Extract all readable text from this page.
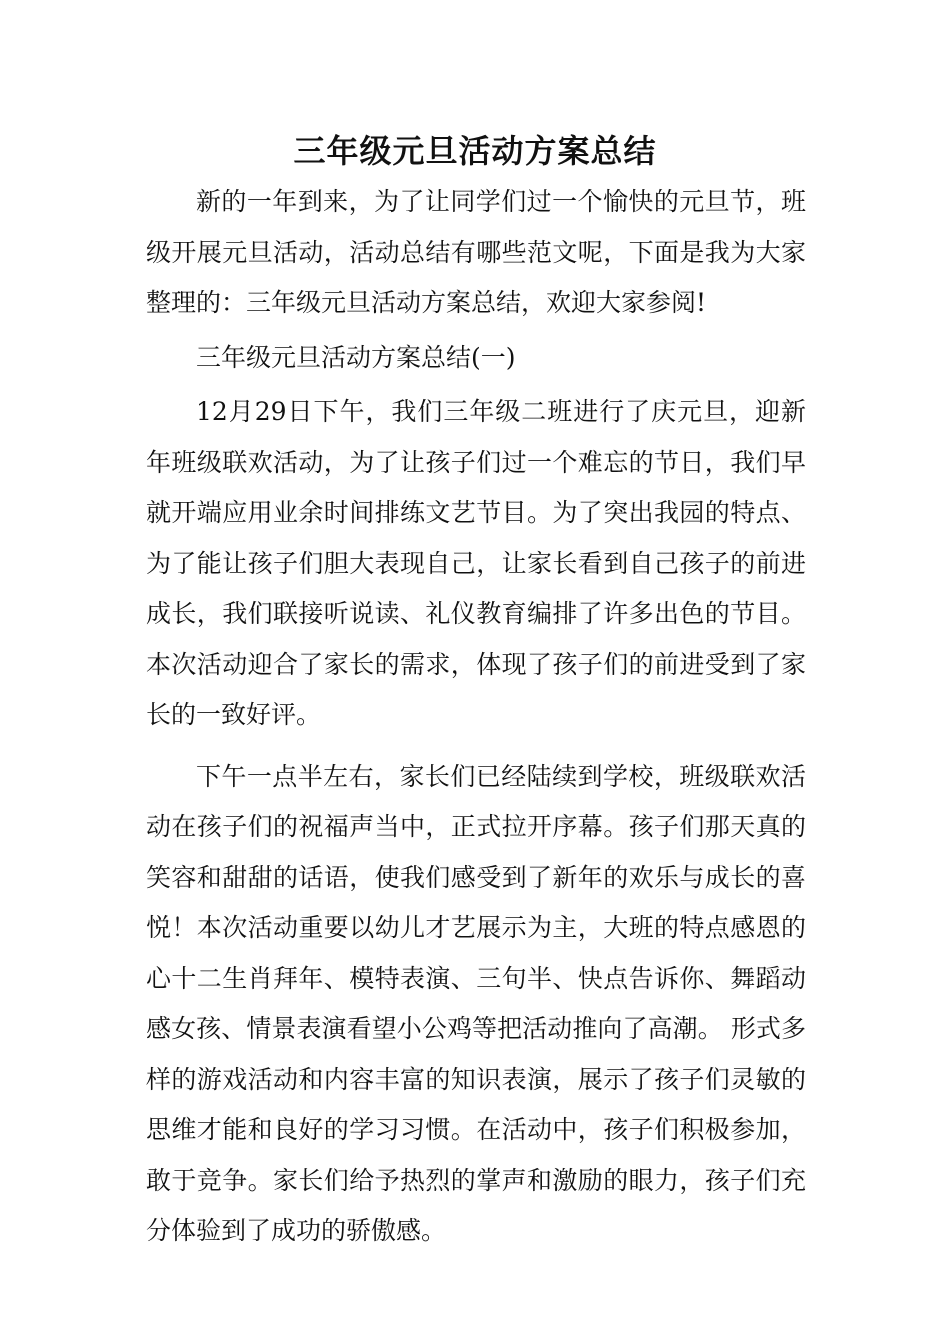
三年级元旦活动方案总结

新的一年到来，为了让同学们过一个愉快的元旦节，班级开展元旦活动，活动总结有哪些范文呢，下面是我为大家整理的：三年级元旦活动方案总结，欢迎大家参阅!

三年级元旦活动方案总结(一)

12月29日下午，我们三年级二班进行了庆元旦，迎新年班级联欢活动，为了让孩子们过一个难忘的节日，我们早就开端应用业余时间排练文艺节目。为了突出我园的特点、为了能让孩子们胆大表现自己，让家长看到自己孩子的前进成长，我们联接听说读、礼仪教育编排了许多出色的节目。本次活动迎合了家长的需求，体现了孩子们的前进受到了家长的一致好评。

下午一点半左右，家长们已经陆续到学校，班级联欢活动在孩子们的祝福声当中，正式拉开序幕。孩子们那天真的笑容和甜甜的话语，使我们感受到了新年的欢乐与成长的喜悦！本次活动重要以幼儿才艺展示为主，大班的特点感恩的心十二生肖拜年、模特表演、三句半、快点告诉你、舞蹈动感女孩、情景表演看望小公鸡等把活动推向了高潮。 形式多样的游戏活动和内容丰富的知识表演，展示了孩子们灵敏的思维才能和良好的学习习惯。在活动中，孩子们积极参加，敢于竞争。家长们给予热烈的掌声和激励的眼力，孩子们充分体验到了成功的骄傲感。
